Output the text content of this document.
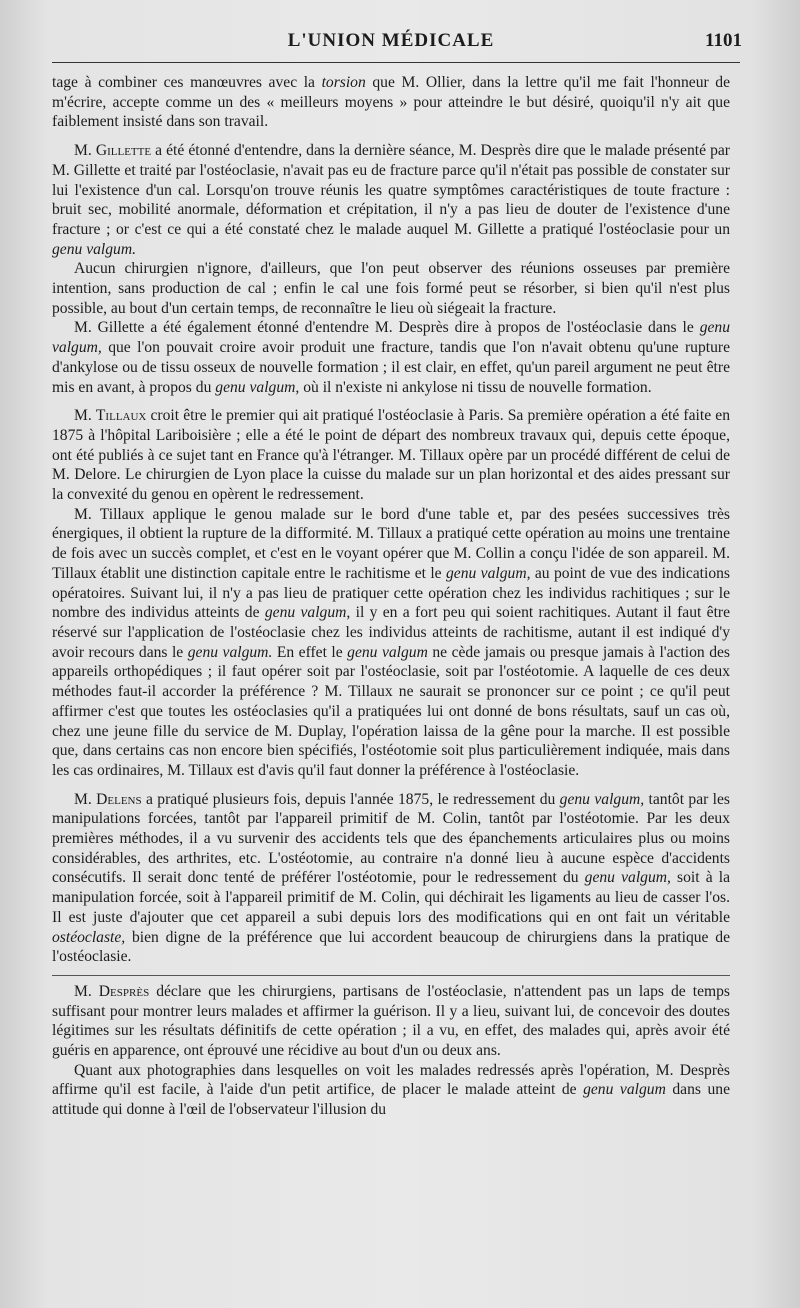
L'UNION MÉDICALE	1101

tage à combiner ces manœuvres avec la torsion que M. Ollier, dans la lettre qu'il me fait l'honneur de m'écrire, accepte comme un des « meilleurs moyens » pour atteindre le but désiré, quoiqu'il n'y ait que faiblement insisté dans son travail.

M. Gillette a été étonné d'entendre, dans la dernière séance, M. Desprès dire que le malade présenté par M. Gillette et traité par l'ostéoclasie, n'avait pas eu de fracture parce qu'il n'était pas possible de constater sur lui l'existence d'un cal. Lorsqu'on trouve réunis les quatre symptômes caractéristiques de toute fracture : bruit sec, mobilité anormale, déformation et crépitation, il n'y a pas lieu de douter de l'existence d'une fracture ; or c'est ce qui a été constaté chez le malade auquel M. Gillette a pratiqué l'ostéoclasie pour un genu valgum.

Aucun chirurgien n'ignore, d'ailleurs, que l'on peut observer des réunions osseuses par première intention, sans production de cal ; enfin le cal une fois formé peut se résorber, si bien qu'il n'est plus possible, au bout d'un certain temps, de reconnaître le lieu où siégeait la fracture.

M. Gillette a été également étonné d'entendre M. Desprès dire à propos de l'ostéoclasie dans le genu valgum, que l'on pouvait croire avoir produit une fracture, tandis que l'on n'avait obtenu qu'une rupture d'ankylose ou de tissu osseux de nouvelle formation ; il est clair, en effet, qu'un pareil argument ne peut être mis en avant, à propos du genu valgum, où il n'existe ni ankylose ni tissu de nouvelle formation.

M. Tillaux croit être le premier qui ait pratiqué l'ostéoclasie à Paris. Sa première opération a été faite en 1875 à l'hôpital Lariboisière ; elle a été le point de départ des nombreux travaux qui, depuis cette époque, ont été publiés à ce sujet tant en France qu'à l'étranger. M. Tillaux opère par un procédé différent de celui de M. Delore. Le chirurgien de Lyon place la cuisse du malade sur un plan horizontal et des aides pressant sur la convexité du genou en opèrent le redressement.

M. Tillaux applique le genou malade sur le bord d'une table et, par des pesées successives très énergiques, il obtient la rupture de la difformité. M. Tillaux a pratiqué cette opération au moins une trentaine de fois avec un succès complet, et c'est en le voyant opérer que M. Collin a conçu l'idée de son appareil. M. Tillaux établit une distinction capitale entre le rachitisme et le genu valgum, au point de vue des indications opératoires. Suivant lui, il n'y a pas lieu de pratiquer cette opération chez les individus rachitiques ; sur le nombre des individus atteints de genu valgum, il y en a fort peu qui soient rachitiques. Autant il faut être réservé sur l'application de l'ostéoclasie chez les individus atteints de rachitisme, autant il est indiqué d'y avoir recours dans le genu valgum. En effet le genu valgum ne cède jamais ou presque jamais à l'action des appareils orthopédiques ; il faut opérer soit par l'ostéoclasie, soit par l'ostéotomie. A laquelle de ces deux méthodes faut-il accorder la préférence ? M. Tillaux ne saurait se prononcer sur ce point ; ce qu'il peut affirmer c'est que toutes les ostéoclasies qu'il a pratiquées lui ont donné de bons résultats, sauf un cas où, chez une jeune fille du service de M. Duplay, l'opération laissa de la gêne pour la marche. Il est possible que, dans certains cas non encore bien spécifiés, l'ostéotomie soit plus particulièrement indiquée, mais dans les cas ordinaires, M. Tillaux est d'avis qu'il faut donner la préférence à l'ostéoclasie.

M. Delens a pratiqué plusieurs fois, depuis l'année 1875, le redressement du genu valgum, tantôt par les manipulations forcées, tantôt par l'appareil primitif de M. Colin, tantôt par l'ostéotomie. Par les deux premières méthodes, il a vu survenir des accidents tels que des épanchements articulaires plus ou moins considérables, des arthrites, etc. L'ostéotomie, au contraire n'a donné lieu à aucune espèce d'accidents consécutifs. Il serait donc tenté de préférer l'ostéotomie, pour le redressement du genu valgum, soit à la manipulation forcée, soit à l'appareil primitif de M. Colin, qui déchirait les ligaments au lieu de casser l'os. Il est juste d'ajouter que cet appareil a subi depuis lors des modifications qui en ont fait un véritable ostéoclaste, bien digne de la préférence que lui accordent beaucoup de chirurgiens dans la pratique de l'ostéoclasie.

M. Desprès déclare que les chirurgiens, partisans de l'ostéoclasie, n'attendent pas un laps de temps suffisant pour montrer leurs malades et affirmer la guérison. Il y a lieu, suivant lui, de concevoir des doutes légitimes sur les résultats définitifs de cette opération ; il a vu, en effet, des malades qui, après avoir été guéris en apparence, ont éprouvé une récidive au bout d'un ou deux ans.

Quant aux photographies dans lesquelles on voit les malades redressés après l'opération, M. Desprès affirme qu'il est facile, à l'aide d'un petit artifice, de placer le malade atteint de genu valgum dans une attitude qui donne à l'œil de l'observateur l'illusion du
